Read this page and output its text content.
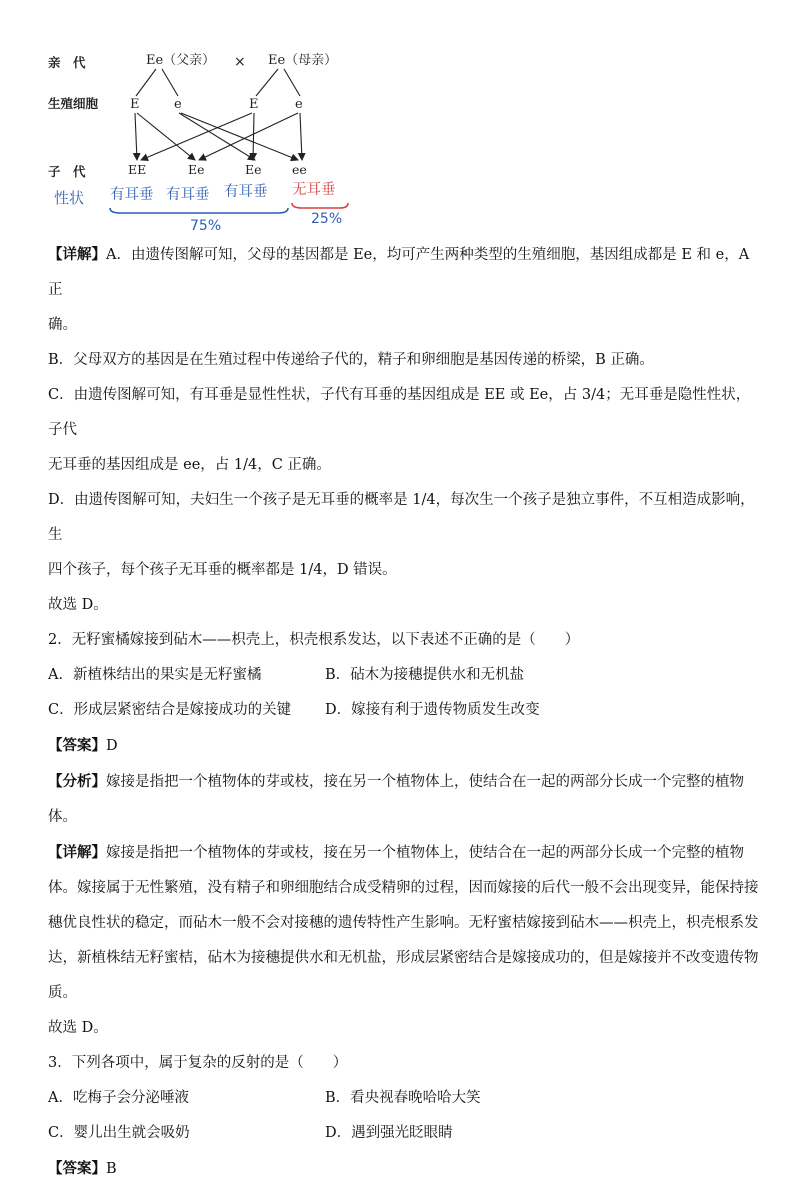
亲　代
生殖细胞
子　代
Ee（父亲） × Ee（母亲）
E	e	E	e
EE	Ee	Ee ee
性状 有耳垂 有耳垂 有耳垂 无耳垂
75%	25%

【详解】A．由遗传图解可知，父母的基因都是 Ee，均可产生两种类型的生殖细胞，基因组成都是 E 和 e，A 正

确。

B．父母双方的基因是在生殖过程中传递给子代的，精子和卵细胞是基因传递的桥梁，B 正确。

C．由遗传图解可知，有耳垂是显性性状，子代有耳垂的基因组成是 EE 或 Ee，占 3/4；无耳垂是隐性性状，子代

无耳垂的基因组成是 ee，占 1/4，C 正确。

D．由遗传图解可知，夫妇生一个孩子是无耳垂的概率是 1/4，每次生一个孩子是独立事件，不互相造成影响，生

四个孩子，每个孩子无耳垂的概率都是 1/4，D 错误。

故选 D。

2．无籽蜜橘嫁接到砧木——枳壳上，枳壳根系发达，以下表述不正确的是（　　）

A．新植株结出的果实是无籽蜜橘	B．砧木为接穗提供水和无机盐
C．形成层紧密结合是嫁接成功的关键	D．嫁接有利于遗传物质发生改变

【答案】D

【分析】嫁接是指把一个植物体的芽或枝，接在另一个植物体上，使结合在一起的两部分长成一个完整的植物

体。

【详解】嫁接是指把一个植物体的芽或枝，接在另一个植物体上，使结合在一起的两部分长成一个完整的植物

体。嫁接属于无性繁殖，没有精子和卵细胞结合成受精卵的过程，因而嫁接的后代一般不会出现变异，能保持接

穗优良性状的稳定，而砧木一般不会对接穗的遗传特性产生影响。无籽蜜桔嫁接到砧木——枳壳上，枳壳根系发

达，新植株结无籽蜜桔，砧木为接穗提供水和无机盐，形成层紧密结合是嫁接成功的，但是嫁接并不改变遗传物

质。

故选 D。

3．下列各项中，属于复杂的反射的是（　　）

A．吃梅子会分泌唾液	B．看央视春晚哈哈大笑
C．婴儿出生就会吸奶	D．遇到强光眨眼睛

【答案】B
